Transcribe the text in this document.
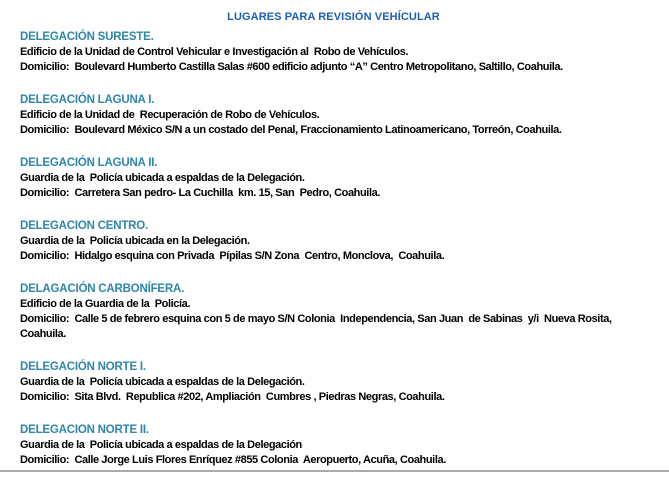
LUGARES PARA REVISIÓN VEHÍCULAR
DELEGACIÓN SURESTE.
Edificio de la Unidad de Control Vehicular e Investigación al  Robo de Vehículos.
Domicilio:  Boulevard Humberto Castilla Salas #600 edificio adjunto “A” Centro Metropolitano, Saltillo, Coahuila.
DELEGACIÓN LAGUNA I.
Edificio de la Unidad de  Recuperación de Robo de Vehículos.
Domicilio:  Boulevard México S/N a un costado del Penal, Fraccionamiento Latinoamericano, Torreón, Coahuila.
DELEGACIÓN LAGUNA II.
Guardia de la  Policía ubicada a espaldas de la Delegación.
Domicilio:  Carretera San pedro- La Cuchilla  km. 15, San  Pedro, Coahuila.
DELEGACION CENTRO.
Guardia de la  Policía ubicada en la Delegación.
Domicilio:  Hidalgo esquina con Privada  Pípilas S/N Zona  Centro, Monclova,  Coahuila.
DELAGACIÓN CARBONÍFERA.
Edificio de la Guardia de la  Policía.
Domicilio:  Calle 5 de febrero esquina con 5 de mayo S/N Colonia  Independencia, San Juan  de Sabinas  y/i  Nueva Rosita,
Coahuila.
DELEGACIÓN NORTE I.
Guardia de la  Policía ubicada a espaldas de la Delegación.
Domicilio:  Sita Blvd.  Republica #202, Ampliación  Cumbres , Piedras Negras, Coahuila.
DELEGACION NORTE II.
Guardia de la  Policía ubicada a espaldas de la Delegación
Domicilio:  Calle Jorge Luis Flores Enríquez #855 Colonia  Aeropuerto, Acuña, Coahuila.
